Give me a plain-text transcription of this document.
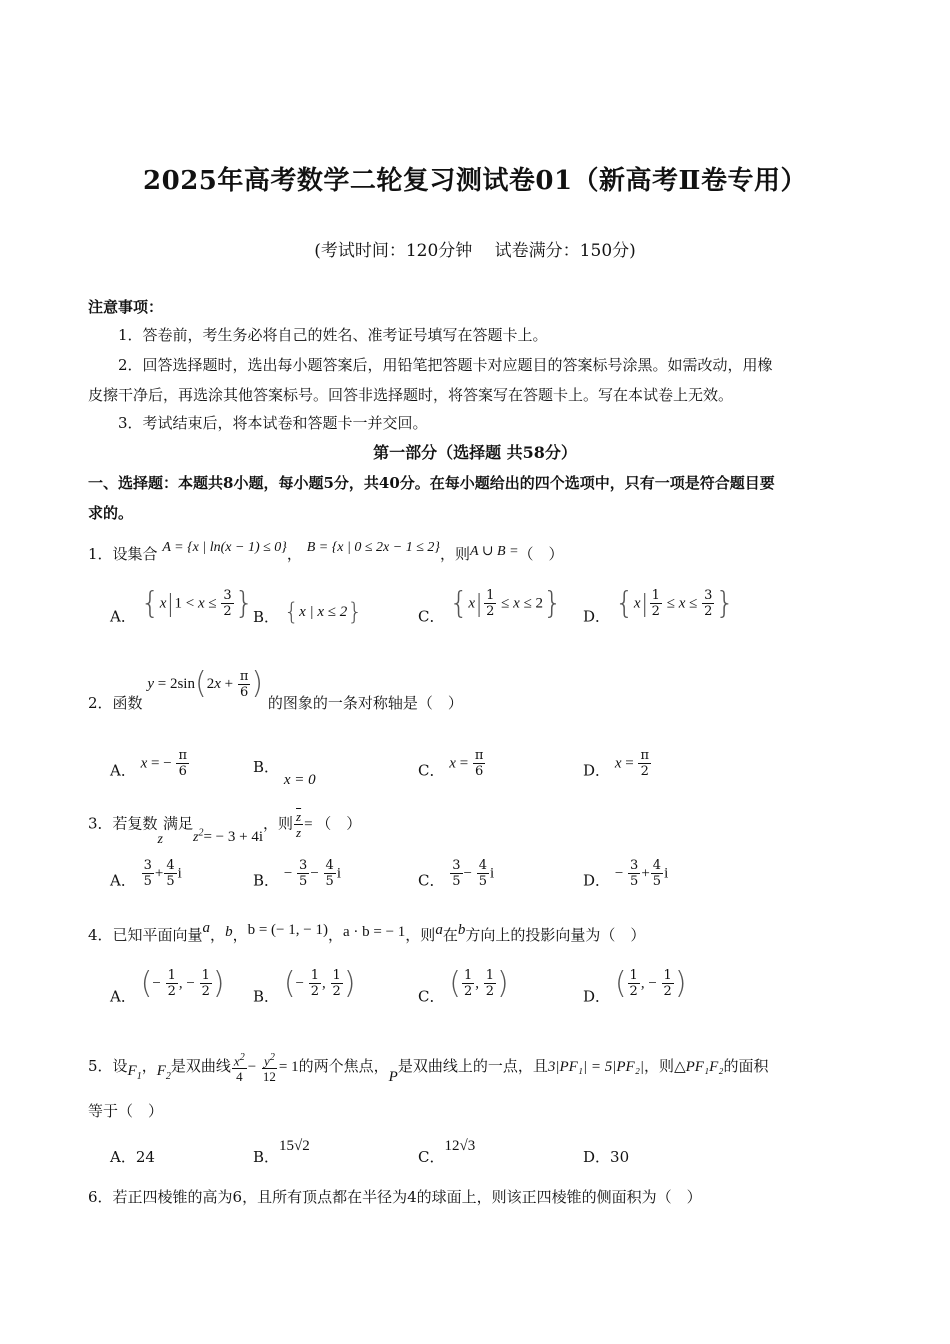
2025年高考数学二轮复习测试卷01（新高考Ⅱ卷专用）
(考试时间：120分钟　 试卷满分：150分)
注意事项：
1．答卷前，考生务必将自己的姓名、准考证号填写在答题卡上。
2．回答选择题时，选出每小题答案后，用铅笔把答题卡对应题目的答案标号涂黑。如需改动，用橡
皮擦干净后，再选涂其他答案标号。回答非选择题时，将答案写在答题卡上。写在本试卷上无效。
3．考试结束后，将本试卷和答题卡一并交回。
第一部分（选择题 共58分）
一、选择题：本题共8小题，每小题5分，共40分。在每小题给出的四个选项中，只有一项是符合题目要
求的。
1．设集合 A = {x | ln(x − 1) ≤ 0}， B = {x | 0 ≤ 2x − 1 ≤ 2}，则A ∪ B =（　）
A． {$x|1 < x \le \frac{3}{2}$ } B． {x | x ≤ 2}	C． $\{x| \frac{1}{2} \le x \le 2\}$ D． {$x| \frac{1}{2} \le x \le \frac{3}{2}$ }
2．函数 $y = 2\sin(2x + \frac{\pi}{6}$ ) 的图象的一条对称轴是（　）
A． x = − $\frac{\pi}{6}$	B． x = 0
C． $x = \frac{\pi}{6}$	D． $x = \frac{\pi}{2}$
3．若复数z满足$z^2= - 3 + 4i$，则 $\frac{\overline{z}}{z}$ = （　）
A． $\frac{3}{5} + \frac{4}{5}$ i	B． − $\frac{3}{5} - \frac{4}{5}$ i	C． $\frac{3}{5} - \frac{4}{5}$ i	D． − $\frac{3}{5} + \frac{4}{5}$ i
4．已知平面向量a，b，b = (− 1, − 1)，a · b = − 1，则a在b方向上的投影向量为（　）
A． (− $\frac{1}{2}$ , − $\frac{1}{2}$ ) B． (− $\frac{1}{2}$ , $\frac{1}{2}$ )	C． ( $\frac{1}{2}$ , $\frac{1}{2}$ )	D． ( $\frac{1}{2}$ , − $\frac{1}{2}$ )
5．设$F_1$，$F_2$是双曲线 $\frac{x^2}{4} - \frac{y^2}{12} = 1$的两个焦点，P是双曲线上的一点，且3|PF₁| = 5|PF₂|，则△PF₁F₂的面积
等于（　）
A．24	B．15√2
C．12√3
D．30
6．若正四棱锥的高为6，且所有顶点都在半径为4的球面上，则该正四棱锥的侧面积为（　）
